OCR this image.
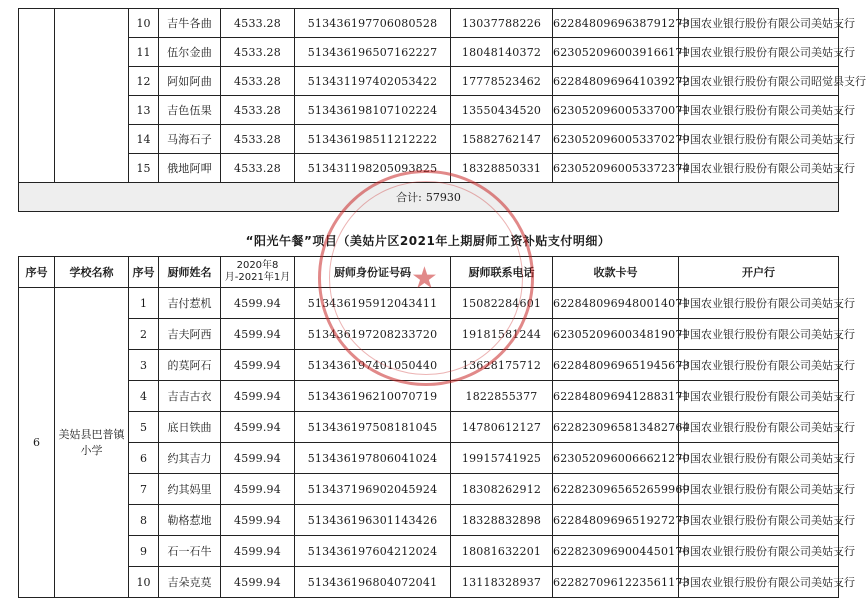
		10	吉牛各曲	4533.28	513436197706080528	13037788226	6228480969638791273	中国农业银行股份有限公司美姑支行
		11	伍尔金曲	4533.28	513436196507162227	18048140372	6230520960039166171	中国农业银行股份有限公司美姑支行
		12	阿如阿曲	4533.28	513431197402053422	17778523462	6228480969641039272	中国农业银行股份有限公司昭觉县支行
		13	吉色伍果	4533.28	513436198107102224	13550434520	6230520960053370071	中国农业银行股份有限公司美姑支行
		14	马海石子	4533.28	513436198511212222	15882762147	6230520960053370279	中国农业银行股份有限公司美姑支行
		15	俄地阿呷	4533.28	513431198205093825	18328850331	6230520960053372374	中国农业银行股份有限公司美姑支行
合计: 57930								
“阳光午餐”项目（美姑片区2021年上期厨师工资补贴支付明细）
序号	学校名称	序号	厨师姓名	2020年8月-2021年1月	厨师身份证号码	厨师联系电话	收款卡号	开户行
6	美姑县巴普镇小学	1	吉付惹机	4599.94	513436195912043411	15082284601	6228480969480014071	中国农业银行股份有限公司美姑支行
		2	吉夫阿西	4599.94	513436197208233720	19181581244	6230520960034819071	中国农业银行股份有限公司美姑支行
		3	的莫阿石	4599.94	513436197401050440	13628175712	6228480969651945673	中国农业银行股份有限公司美姑支行
		4	吉吉古衣	4599.94	513436196210070719	1822855377	6228480969412883171	中国农业银行股份有限公司美姑支行
		5	底日铁曲	4599.94	513436197508181045	14780612127	6228230965813482764	中国农业银行股份有限公司美姑支行
		6	约其吉力	4599.94	513436197806041024	19915741925	6230520960066621270	中国农业银行股份有限公司美姑支行
		7	约其妈里	4599.94	513437196902045924	18308262912	6228230965652659969	中国农业银行股份有限公司美姑支行
		8	勒格惹地	4599.94	513436196301143426	18328832898	6228480969651927275	中国农业银行股份有限公司美姑支行
		9	石一石牛	4599.94	513436197604212024	18081632201	6228230969004450176	中国农业银行股份有限公司美姑支行
		10	吉朵克莫	4599.94	513436196804072041	13118328937	6228270961223561173	中国农业银行股份有限公司美姑支行
★
